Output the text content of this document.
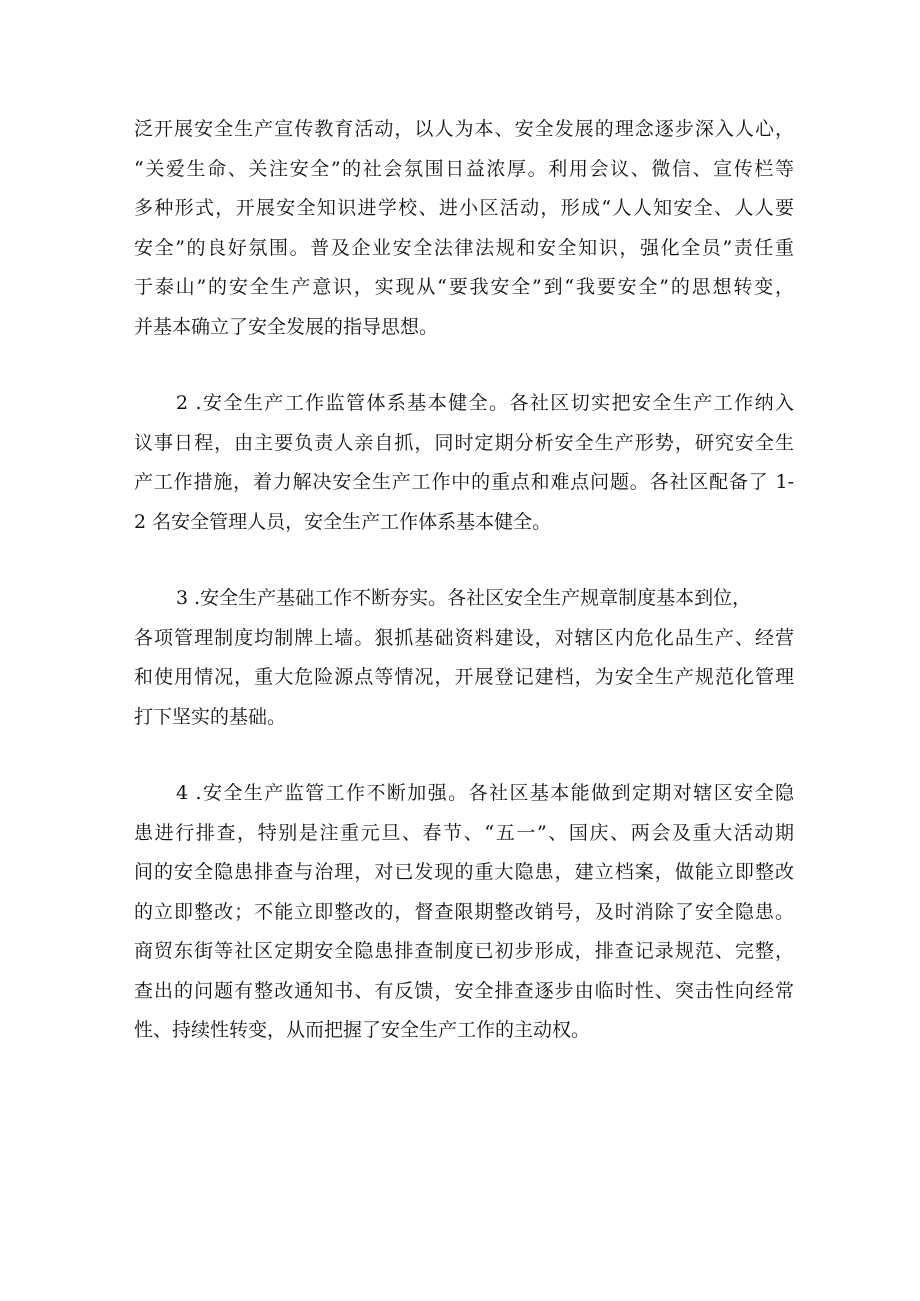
泛开展安全生产宣传教育活动，以人为本、安全发展的理念逐步深入人心，
“关爱生命、关注安全”的社会氛围日益浓厚。利用会议、微信、宣传栏等
多种形式，开展安全知识进学校、进小区活动，形成“人人知安全、人人要
安全”的良好氛围。普及企业安全法律法规和安全知识，强化全员”责任重
于泰山”的安全生产意识，实现从“要我安全”到“我要安全”的思想转变，
并基本确立了安全发展的指导思想。
2 .安全生产工作监管体系基本健全。各社区切实把安全生产工作纳入
议事日程，由主要负责人亲自抓，同时定期分析安全生产形势，研究安全生
产工作措施，着力解决安全生产工作中的重点和难点问题。各社区配备了 1-
2 名安全管理人员，安全生产工作体系基本健全。
3 .安全生产基础工作不断夯实。各社区安全生产规章制度基本到位，
各项管理制度均制牌上墙。狠抓基础资料建设，对辖区内危化品生产、经营
和使用情况，重大危险源点等情况，开展登记建档，为安全生产规范化管理
打下坚实的基础。
4 .安全生产监管工作不断加强。各社区基本能做到定期对辖区安全隐
患进行排查，特别是注重元旦、春节、“五一”、国庆、两会及重大活动期
间的安全隐患排查与治理，对已发现的重大隐患，建立档案，做能立即整改
的立即整改；不能立即整改的，督查限期整改销号，及时消除了安全隐患。
商贸东街等社区定期安全隐患排查制度已初步形成，排查记录规范、完整，
查出的问题有整改通知书、有反馈，安全排查逐步由临时性、突击性向经常
性、持续性转变，从而把握了安全生产工作的主动权。
